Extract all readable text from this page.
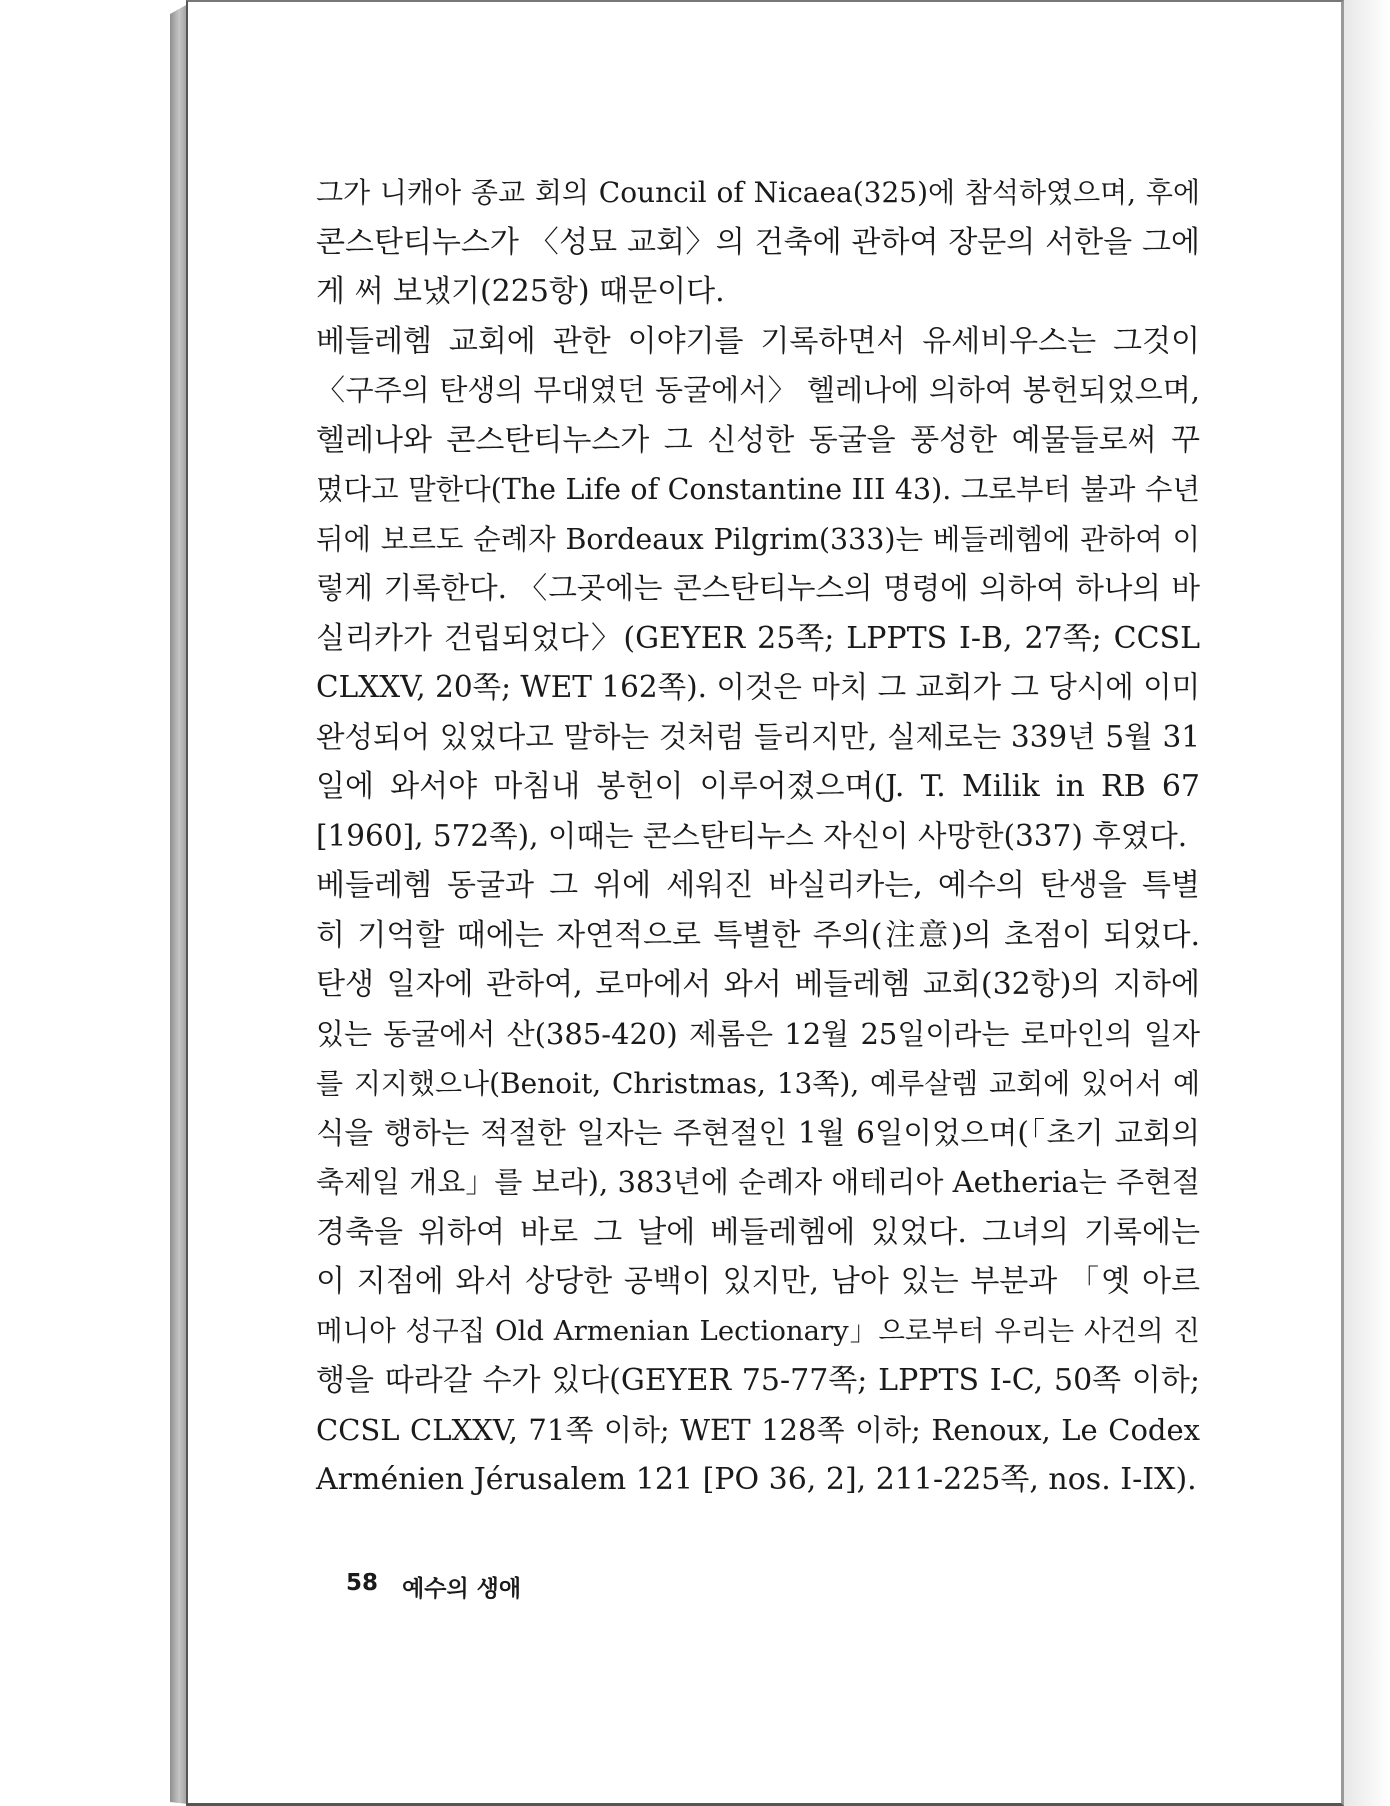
그가 니캐아 종교 회의 Council of Nicaea(325)에 참석하였으며, 후에
콘스탄티누스가 〈성묘 교회〉의 건축에 관하여 장문의 서한을 그에
게 써 보냈기(225항) 때문이다.
베들레헴 교회에 관한 이야기를 기록하면서 유세비우스는 그것이
〈구주의 탄생의 무대였던 동굴에서〉 헬레나에 의하여 봉헌되었으며,
헬레나와 콘스탄티누스가 그 신성한 동굴을 풍성한 예물들로써 꾸
몄다고 말한다(The Life of Constantine III 43). 그로부터 불과 수년
뒤에 보르도 순례자 Bordeaux Pilgrim(333)는 베들레헴에 관하여 이
렇게 기록한다. 〈그곳에는 콘스탄티누스의 명령에 의하여 하나의 바
실리카가 건립되었다〉(GEYER 25쪽; LPPTS I-B, 27쪽; CCSL
CLXXV, 20쪽; WET 162쪽). 이것은 마치 그 교회가 그 당시에 이미
완성되어 있었다고 말하는 것처럼 들리지만, 실제로는 339년 5월 31
일에 와서야 마침내 봉헌이 이루어졌으며(J. T. Milik in RB 67
[1960], 572쪽), 이때는 콘스탄티누스 자신이 사망한(337) 후였다.
베들레헴 동굴과 그 위에 세워진 바실리카는, 예수의 탄생을 특별
히 기억할 때에는 자연적으로 특별한 주의(注意)의 초점이 되었다.
탄생 일자에 관하여, 로마에서 와서 베들레헴 교회(32항)의 지하에
있는 동굴에서 산(385-420) 제롬은 12월 25일이라는 로마인의 일자
를 지지했으나(Benoit, Christmas, 13쪽), 예루살렘 교회에 있어서 예
식을 행하는 적절한 일자는 주현절인 1월 6일이었으며(「초기 교회의
축제일 개요」를 보라), 383년에 순례자 애테리아 Aetheria는 주현절
경축을 위하여 바로 그 날에 베들레헴에 있었다. 그녀의 기록에는
이 지점에 와서 상당한 공백이 있지만, 남아 있는 부분과 「옛 아르
메니아 성구집 Old Armenian Lectionary」으로부터 우리는 사건의 진
행을 따라갈 수가 있다(GEYER 75-77쪽; LPPTS I-C, 50쪽 이하;
CCSL CLXXV, 71쪽 이하; WET 128쪽 이하; Renoux, Le Codex
Arménien Jérusalem 121 [PO 36, 2], 211-225쪽, nos. I-IX).
58 예수의 생애
